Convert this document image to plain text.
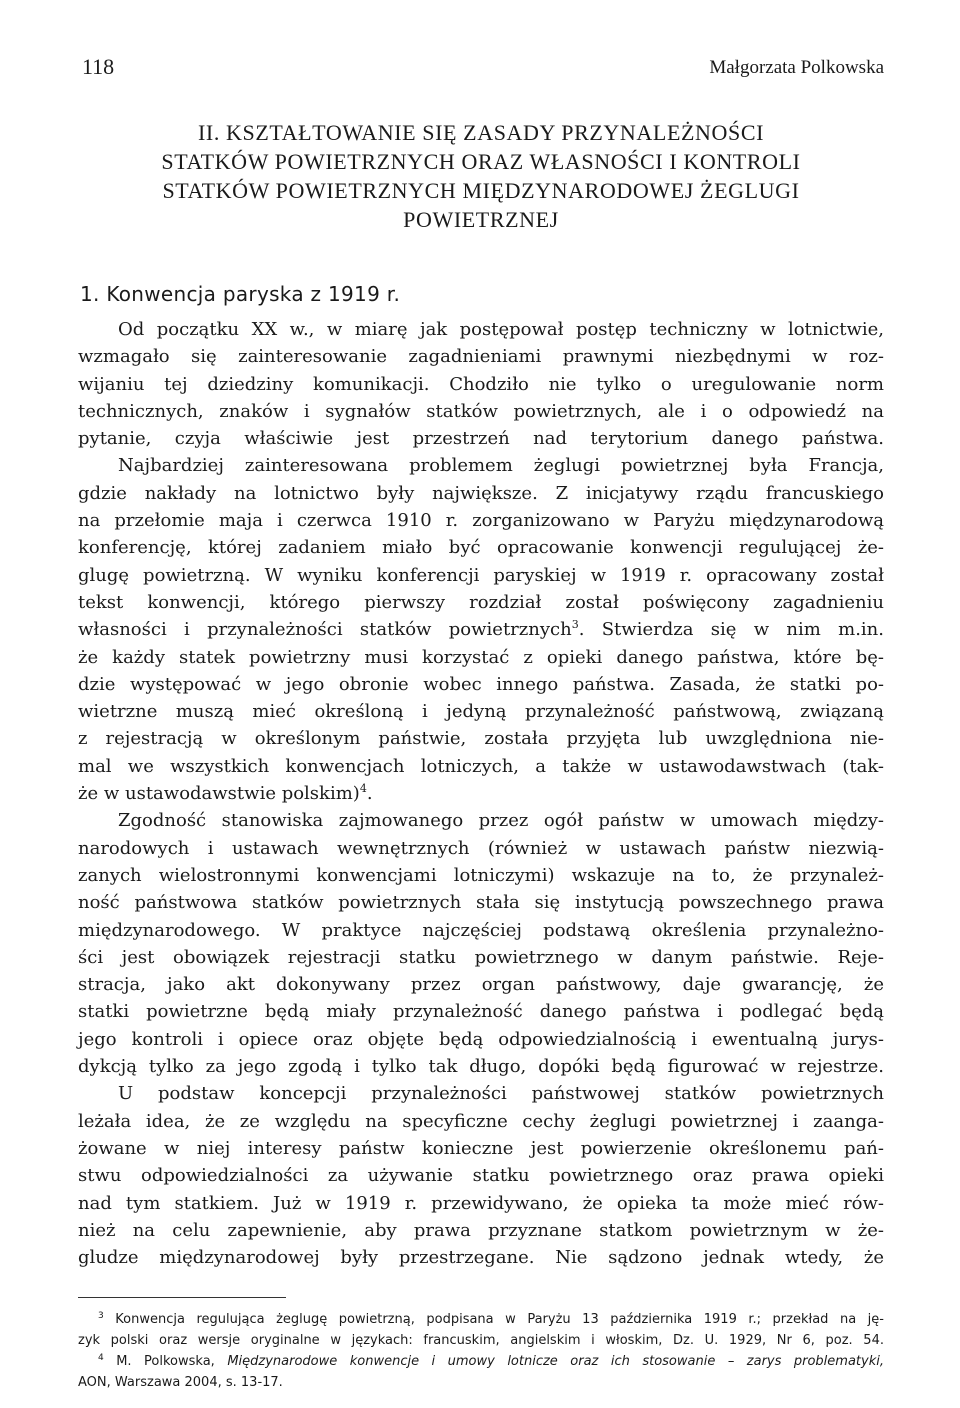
118	Małgorzata Polkowska
II. KSZTAŁTOWANIE SIĘ ZASADY PRZYNALEŻNOŚCI
STATKÓW POWIETRZNYCH ORAZ WŁASNOŚCI I KONTROLI
STATKÓW POWIETRZNYCH MIĘDZYNARODOWEJ ŻEGLUGI
POWIETRZNEJ
1. Konwencja paryska z 1919 r.
Od początku XX w., w miarę jak postępował postęp techniczny w lotnictwie,
wzmagało się zainteresowanie zagadnieniami prawnymi niezbędnymi w roz-
wijaniu tej dziedziny komunikacji. Chodziło nie tylko o uregulowanie norm
technicznych, znaków i sygnałów statków powietrznych, ale i o odpowiedź na
pytanie, czyja właściwie jest przestrzeń nad terytorium danego państwa.
Najbardziej zainteresowana problemem żeglugi powietrznej była Francja,
gdzie nakłady na lotnictwo były największe. Z inicjatywy rządu francuskiego
na przełomie maja i czerwca 1910 r. zorganizowano w Paryżu międzynarodową
konferencję, której zadaniem miało być opracowanie konwencji regulującej że-
glugę powietrzną. W wyniku konferencji paryskiej w 1919 r. opracowany został
tekst konwencji, którego pierwszy rozdział został poświęcony zagadnieniu
własności i przynależności statków powietrznych$^3$. Stwierdza się w nim m.in.
że każdy statek powietrzny musi korzystać z opieki danego państwa, które bę-
dzie występować w jego obronie wobec innego państwa. Zasada, że statki po-
wietrzne muszą mieć określoną i jedyną przynależność państwową, związaną
z rejestracją w określonym państwie, została przyjęta lub uwzględniona nie-
mal we wszystkich konwencjach lotniczych, a także w ustawodawstwach (tak-
że w ustawodawstwie polskim)$^4$.
Zgodność stanowiska zajmowanego przez ogół państw w umowach między-
narodowych i ustawach wewnętrznych (również w ustawach państw niezwią-
zanych wielostronnymi konwencjami lotniczymi) wskazuje na to, że przynależ-
ność państwowa statków powietrznych stała się instytucją powszechnego prawa
międzynarodowego. W praktyce najczęściej podstawą określenia przynależno-
ści jest obowiązek rejestracji statku powietrznego w danym państwie. Reje-
stracja, jako akt dokonywany przez organ państwowy, daje gwarancję, że
statki powietrzne będą miały przynależność danego państwa i podlegać będą
jego kontroli i opiece oraz objęte będą odpowiedzialnością i ewentualną jurys-
dykcją tylko za jego zgodą i tylko tak długo, dopóki będą figurować w rejestrze.
U podstaw koncepcji przynależności państwowej statków powietrznych
leżała idea, że ze względu na specyficzne cechy żeglugi powietrznej i zaanga-
żowane w niej interesy państw konieczne jest powierzenie określonemu pań-
stwu odpowiedzialności za używanie statku powietrznego oraz prawa opieki
nad tym statkiem. Już w 1919 r. przewidywano, że opieka ta może mieć rów-
nież na celu zapewnienie, aby prawa przyznane statkom powietrznym w że-
gludze międzynarodowej były przestrzegane. Nie sądzono jednak wtedy, że
$^3$ Konwencja regulująca żeglugę powietrzną, podpisana w Paryżu 13 października 1919 r.; przekład na ję-
zyk polski oraz wersje oryginalne w językach: francuskim, angielskim i włoskim, Dz. U. 1929, Nr 6, poz. 54.
$^4$ M. Polkowska, Międzynarodowe konwencje i umowy lotnicze oraz ich stosowanie – zarys problematyki,
AON, Warszawa 2004, s. 13-17.
